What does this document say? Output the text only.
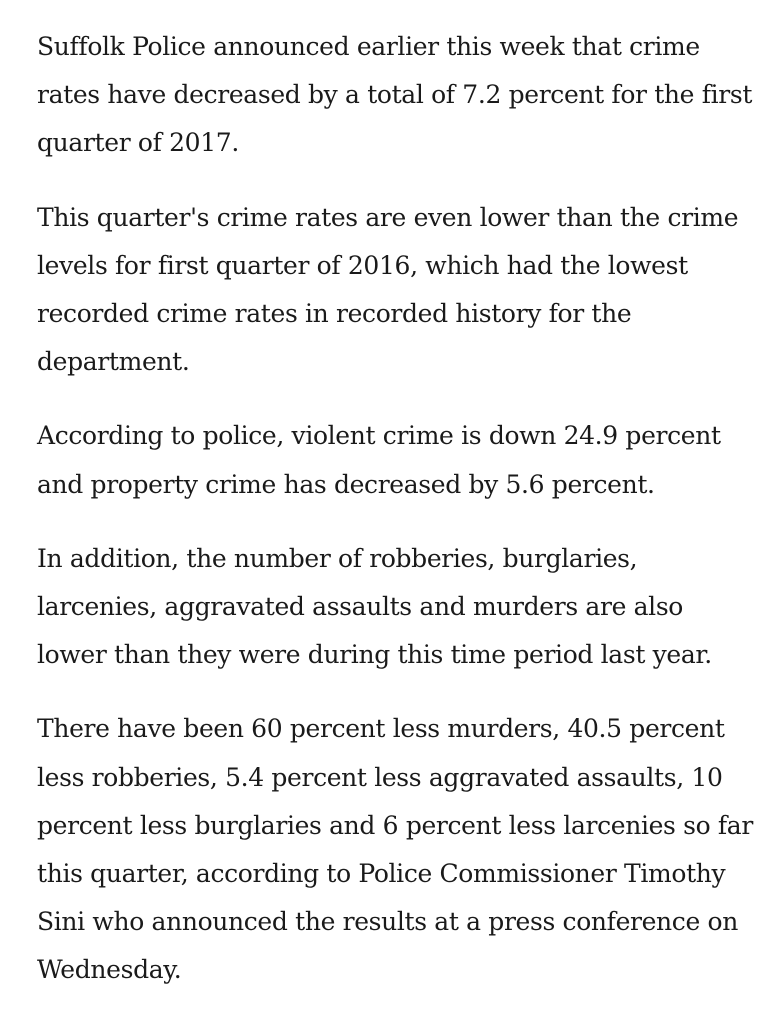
Suffolk Police announced earlier this week that crime rates have decreased by a total of 7.2 percent for the first quarter of 2017.

This quarter's crime rates are even lower than the crime levels for first quarter of 2016, which had the lowest recorded crime rates in recorded history for the department.

According to police, violent crime is down 24.9 percent and property crime has decreased by 5.6 percent.

In addition, the number of robberies, burglaries, larcenies, aggravated assaults and murders are also lower than they were during this time period last year.

There have been 60 percent less murders, 40.5 percent less robberies, 5.4 percent less aggravated assaults, 10 percent less burglaries and 6 percent less larcenies so far this quarter, according to Police Commissioner Timothy Sini who announced the results at a press conference on Wednesday.
